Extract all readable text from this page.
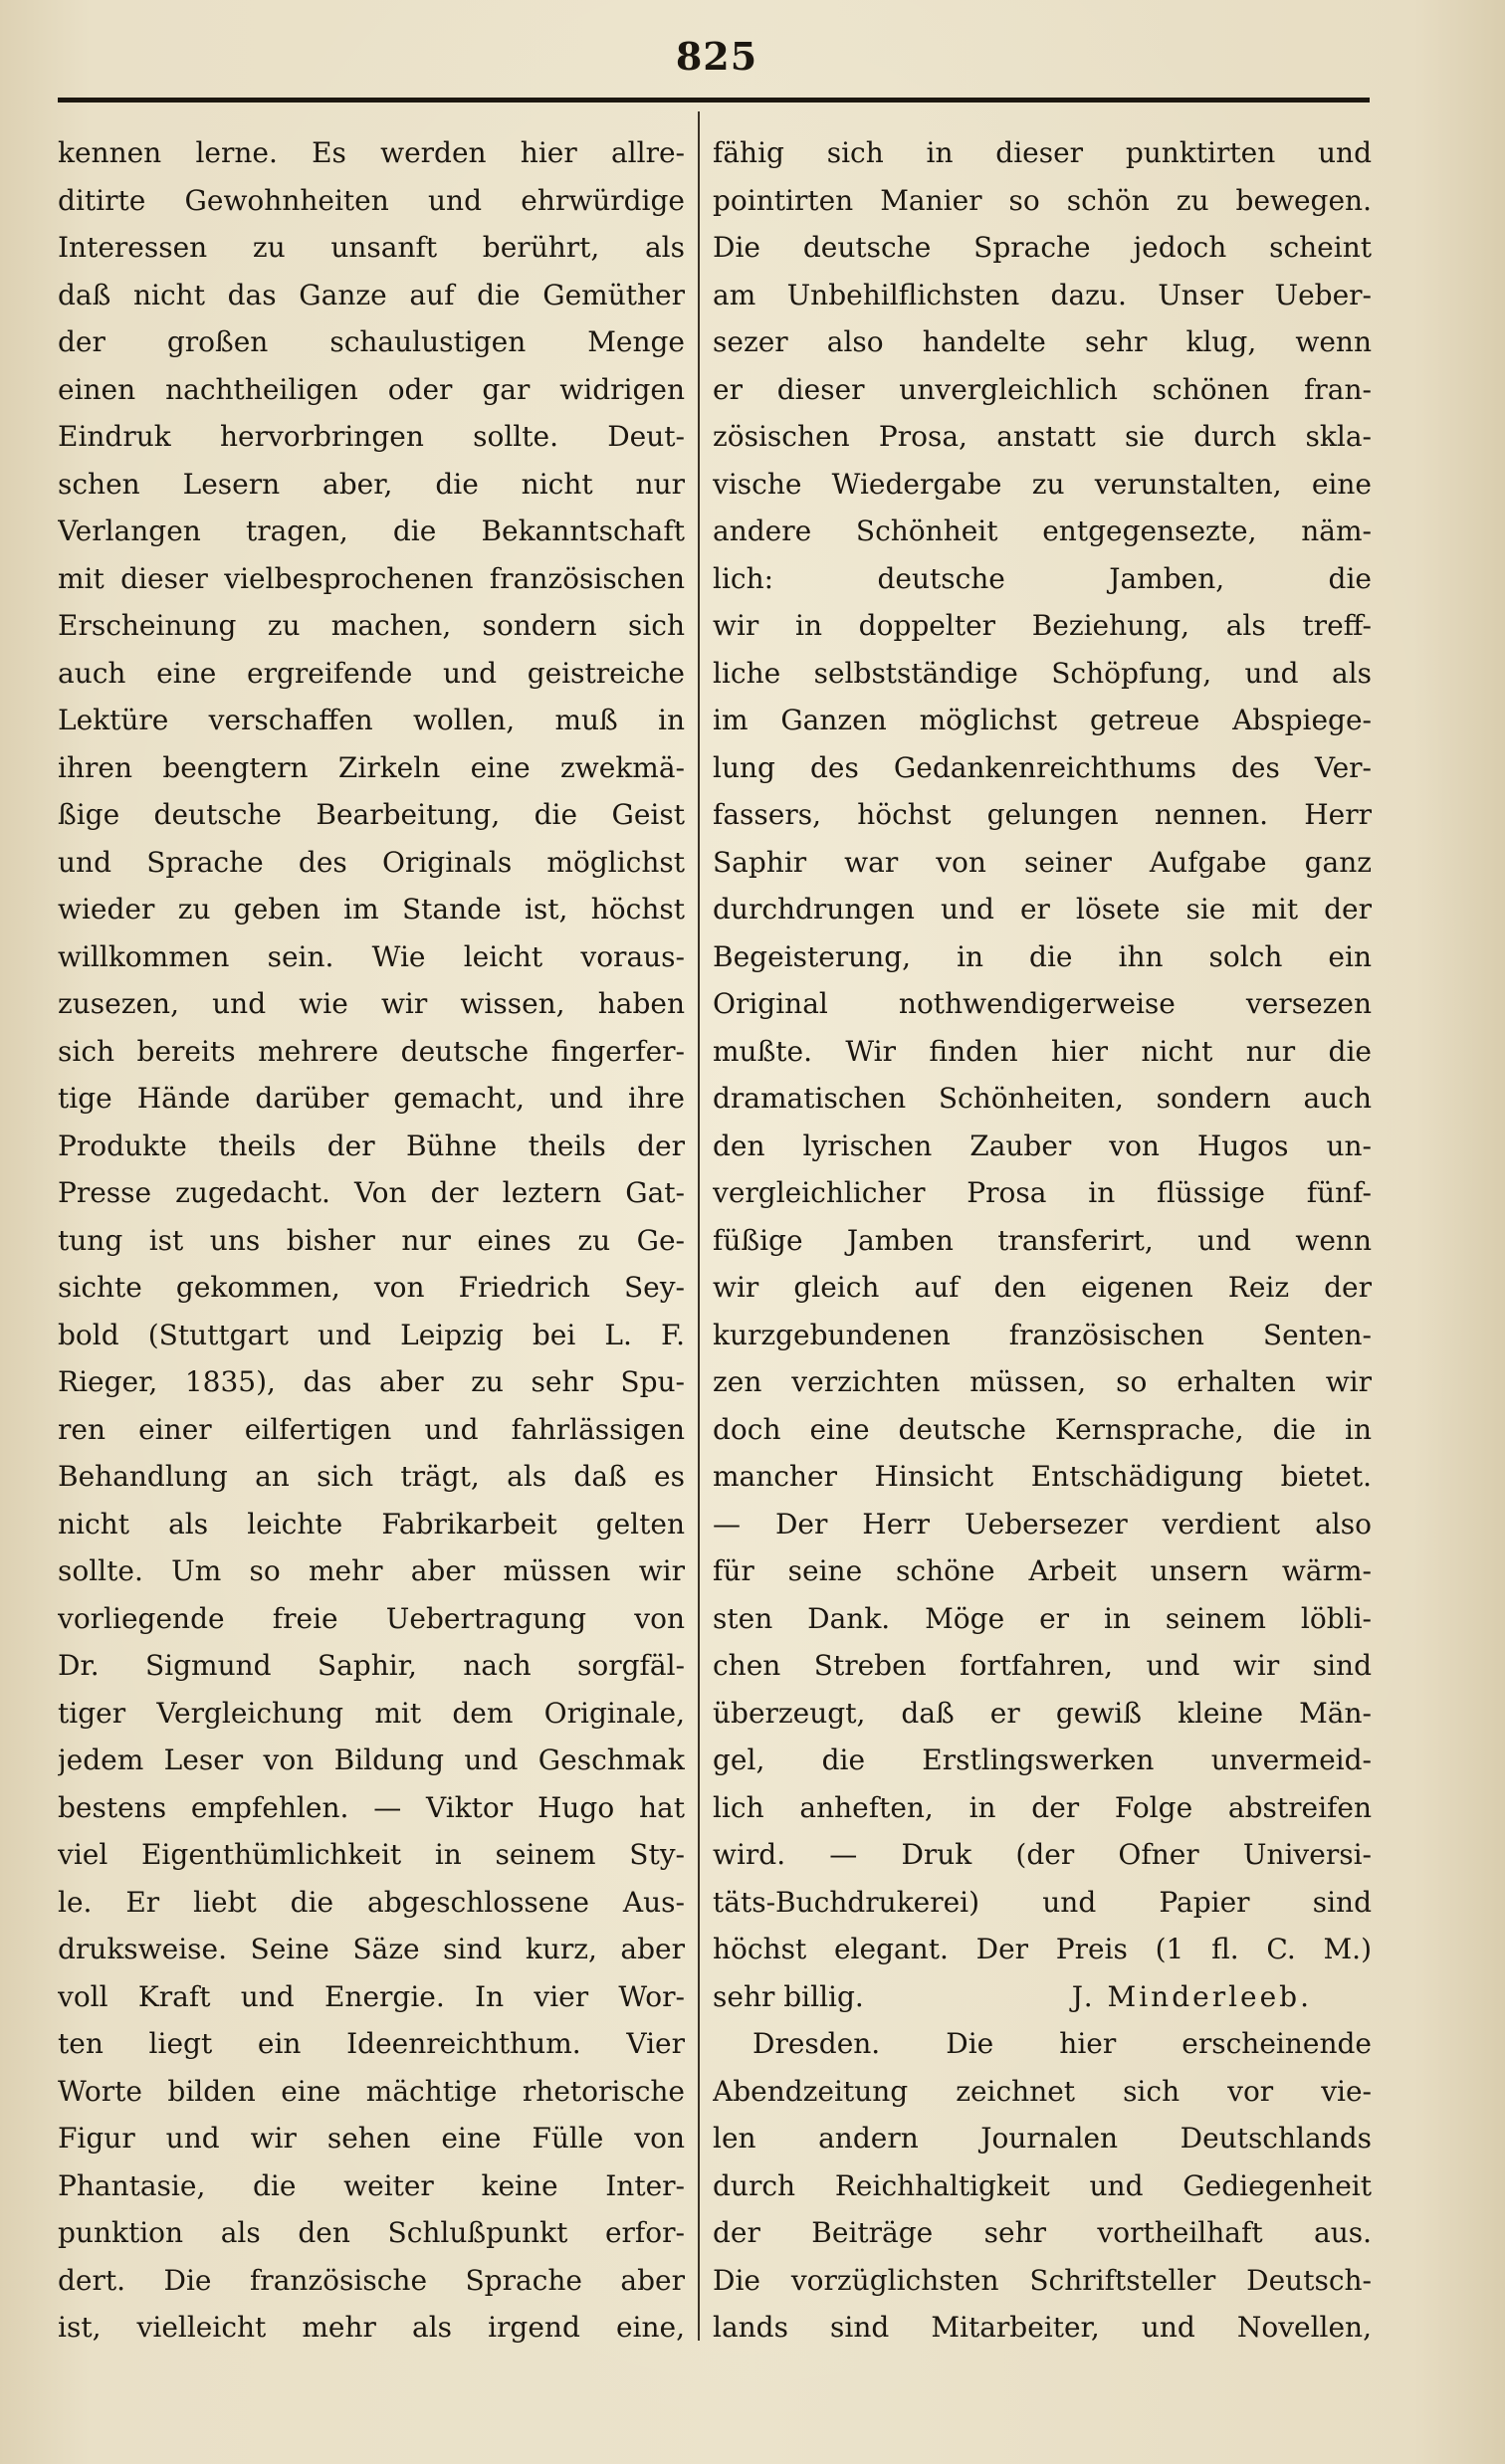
825
kennen lerne. Es werden hier allre-
ditirte Gewohnheiten und ehrwürdige
Interessen zu unsanft berührt, als
daß nicht das Ganze auf die Gemüther
der großen schaulustigen Menge
einen nachtheiligen oder gar widrigen
Eindruk hervorbringen sollte. Deut-
schen Lesern aber, die nicht nur
Verlangen tragen, die Bekanntschaft
mit dieser vielbesprochenen französischen
Erscheinung zu machen, sondern sich
auch eine ergreifende und geistreiche
Lektüre verschaffen wollen, muß in
ihren beengtern Zirkeln eine zwekmä-
ßige deutsche Bearbeitung, die Geist
und Sprache des Originals möglichst
wieder zu geben im Stande ist, höchst
willkommen sein. Wie leicht voraus-
zusezen, und wie wir wissen, haben
sich bereits mehrere deutsche fingerfer-
tige Hände darüber gemacht, und ihre
Produkte theils der Bühne theils der
Presse zugedacht. Von der leztern Gat-
tung ist uns bisher nur eines zu Ge-
sichte gekommen, von Friedrich Sey-
bold (Stuttgart und Leipzig bei L. F.
Rieger, 1835), das aber zu sehr Spu-
ren einer eilfertigen und fahrlässigen
Behandlung an sich trägt, als daß es
nicht als leichte Fabrikarbeit gelten
sollte. Um so mehr aber müssen wir
vorliegende freie Uebertragung von
Dr. Sigmund Saphir, nach sorgfäl-
tiger Vergleichung mit dem Originale,
jedem Leser von Bildung und Geschmak
bestens empfehlen. — Viktor Hugo hat
viel Eigenthümlichkeit in seinem Sty-
le. Er liebt die abgeschlossene Aus-
druksweise. Seine Säze sind kurz, aber
voll Kraft und Energie. In vier Wor-
ten liegt ein Ideenreichthum. Vier
Worte bilden eine mächtige rhetorische
Figur und wir sehen eine Fülle von
Phantasie, die weiter keine Inter-
punktion als den Schlußpunkt erfor-
dert. Die französische Sprache aber
ist, vielleicht mehr als irgend eine,
fähig sich in dieser punktirten und
pointirten Manier so schön zu bewegen.
Die deutsche Sprache jedoch scheint
am Unbehilflichsten dazu. Unser Ueber-
sezer also handelte sehr klug, wenn
er dieser unvergleichlich schönen fran-
zösischen Prosa, anstatt sie durch skla-
vische Wiedergabe zu verunstalten, eine
andere Schönheit entgegensezte, näm-
lich: deutsche Jamben, die
wir in doppelter Beziehung, als treff-
liche selbstständige Schöpfung, und als
im Ganzen möglichst getreue Abspiege-
lung des Gedankenreichthums des Ver-
fassers, höchst gelungen nennen. Herr
Saphir war von seiner Aufgabe ganz
durchdrungen und er lösete sie mit der
Begeisterung, in die ihn solch ein
Original nothwendigerweise versezen
mußte. Wir finden hier nicht nur die
dramatischen Schönheiten, sondern auch
den lyrischen Zauber von Hugos un-
vergleichlicher Prosa in flüssige fünf-
füßige Jamben transferirt, und wenn
wir gleich auf den eigenen Reiz der
kurzgebundenen französischen Senten-
zen verzichten müssen, so erhalten wir
doch eine deutsche Kernsprache, die in
mancher Hinsicht Entschädigung bietet.
— Der Herr Uebersezer verdient also
für seine schöne Arbeit unsern wärm-
sten Dank. Möge er in seinem löbli-
chen Streben fortfahren, und wir sind
überzeugt, daß er gewiß kleine Män-
gel, die Erstlingswerken unvermeid-
lich anheften, in der Folge abstreifen
wird. — Druk (der Ofner Universi-
täts-Buchdrukerei) und Papier sind
höchst elegant. Der Preis (1 fl. C. M.)
sehr billig.	J. Minderleeb.
Dresden. Die hier erscheinende
Abendzeitung zeichnet sich vor vie-
len andern Journalen Deutschlands
durch Reichhaltigkeit und Gediegenheit
der Beiträge sehr vortheilhaft aus.
Die vorzüglichsten Schriftsteller Deutsch-
lands sind Mitarbeiter, und Novellen,
